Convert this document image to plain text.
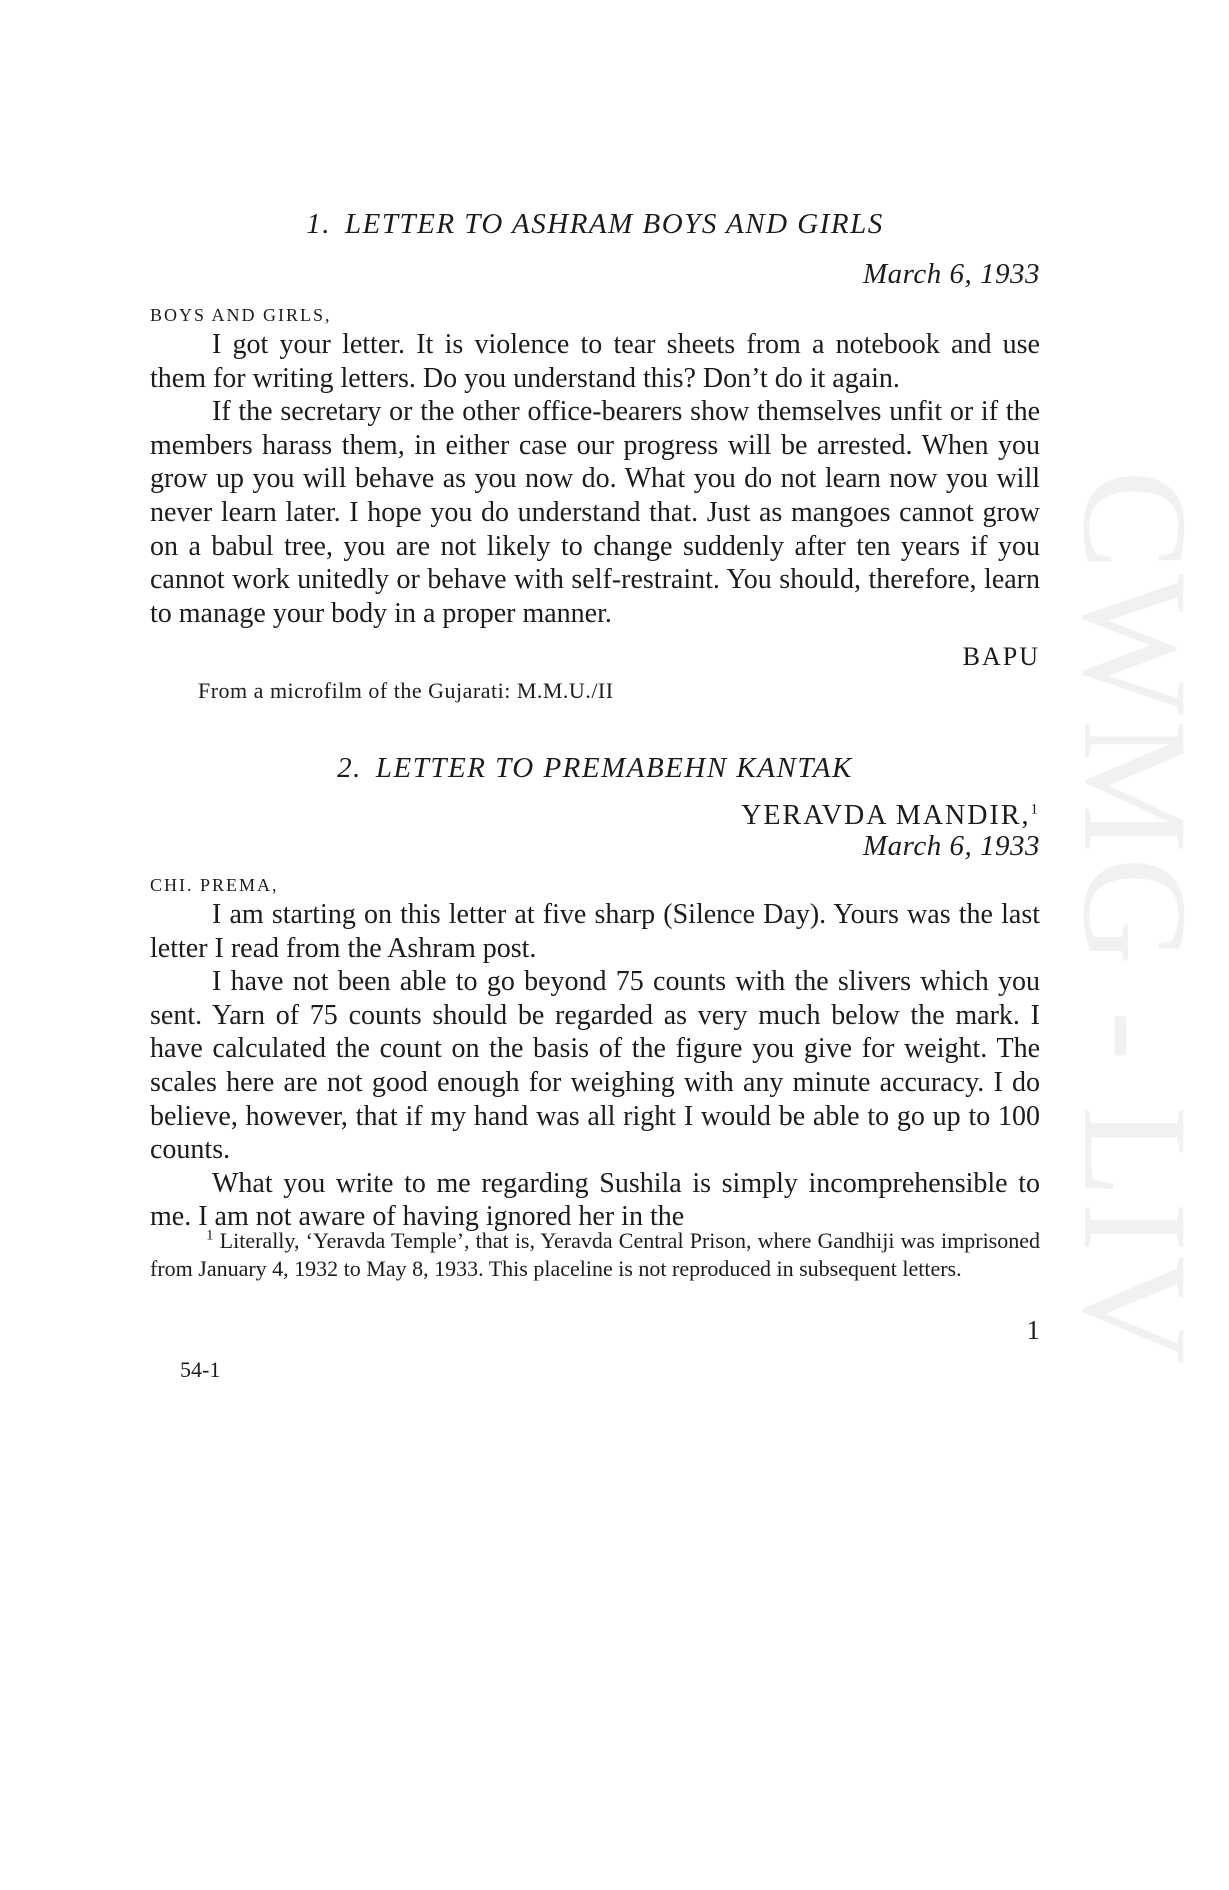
CWMG - LIV
1. LETTER TO ASHRAM BOYS AND GIRLS
March 6, 1933
BOYS AND GIRLS,

I got your letter. It is violence to tear sheets from a notebook and use them for writing letters. Do you understand this? Don’t do it again.

If the secretary or the other office-bearers show themselves unfit or if the members harass them, in either case our progress will be arrested. When you grow up you will behave as you now do. What you do not learn now you will never learn later. I hope you do understand that. Just as mangoes cannot grow on a babul tree, you are not likely to change suddenly after ten years if you cannot work unitedly or behave with self-restraint. You should, therefore, learn to manage your body in a proper manner.

BAPU
From a microfilm of the Gujarati: M.M.U./II
2. LETTER TO PREMABEHN KANTAK
YERAVDA MANDIR,$^1$
March 6, 1933
CHI. PREMA,

I am starting on this letter at five sharp (Silence Day). Yours was the last letter I read from the Ashram post.

I have not been able to go beyond 75 counts with the slivers which you sent. Yarn of 75 counts should be regarded as very much below the mark. I have calculated the count on the basis of the figure you give for weight. The scales here are not good enough for weighing with any minute accuracy. I do believe, however, that if my hand was all right I would be able to go up to 100 counts.

What you write to me regarding Sushila is simply incomprehensible to me. I am not aware of having ignored her in the

$^1$ Literally, ‘Yeravda Temple’, that is, Yeravda Central Prison, where Gandhiji was imprisoned from January 4, 1932 to May 8, 1933. This placeline is not reproduced in subsequent letters.

1
54-1
